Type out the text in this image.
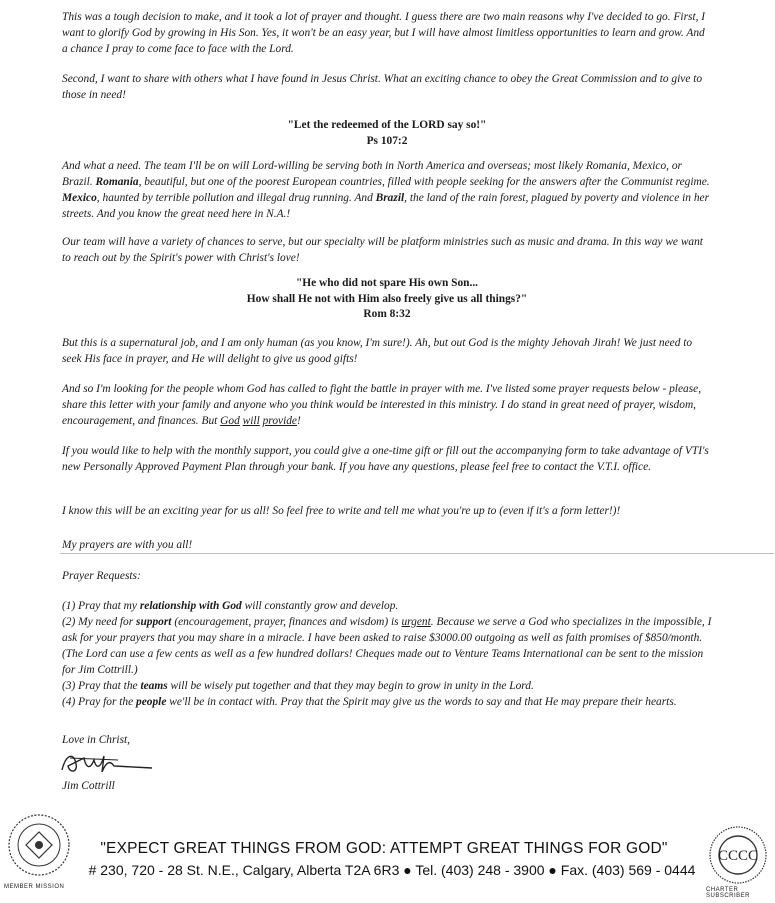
This was a tough decision to make, and it took a lot of prayer and thought. I guess there are two main reasons why I've decided to go. First, I want to glorify God by growing in His Son. Yes, it won't be an easy year, but I will have almost limitless opportunities to learn and grow. And a chance I pray to come face to face with the Lord.

Second, I want to share with others what I have found in Jesus Christ. What an exciting chance to obey the Great Commission and to give to those in need!

"Let the redeemed of the LORD say so!"
Ps 107:2

And what a need. The team I'll be on will Lord-willing be serving both in North America and overseas; most likely Romania, Mexico, or Brazil. Romania, beautiful, but one of the poorest European countries, filled with people seeking for the answers after the Communist regime. Mexico, haunted by terrible pollution and illegal drug running. And Brazil, the land of the rain forest, plagued by poverty and violence in her streets. And you know the great need here in N.A.!

Our team will have a variety of chances to serve, but our specialty will be platform ministries such as music and drama. In this way we want to reach out by the Spirit's power with Christ's love!

"He who did not spare His own Son...
How shall He not with Him also freely give us all things?"
Rom 8:32

But this is a supernatural job, and I am only human (as you know, I'm sure!). Ah, but out God is the mighty Jehovah Jirah! We just need to seek His face in prayer, and He will delight to give us good gifts!

And so I'm looking for the people whom God has called to fight the battle in prayer with me. I've listed some prayer requests below - please, share this letter with your family and anyone who you think would be interested in this ministry. I do stand in great need of prayer, wisdom, encouragement, and finances. But God will provide!

If you would like to help with the monthly support, you could give a one-time gift or fill out the accompanying form to take advantage of VTI's new Personally Approved Payment Plan through your bank. If you have any questions, please feel free to contact the V.T.I. office.

I know this will be an exciting year for us all! So feel free to write and tell me what you're up to (even if it's a form letter!)!

My prayers are with you all!

Prayer Requests:

(1) Pray that my relationship with God will constantly grow and develop.
(2) My need for support (encouragement, prayer, finances and wisdom) is urgent. Because we serve a God who specializes in the impossible, I ask for your prayers that you may share in a miracle. I have been asked to raise $3000.00 outgoing as well as faith promises of $850/month. (The Lord can use a few cents as well as a few hundred dollars! Cheques made out to Venture Teams International can be sent to the mission for Jim Cottrill.)
(3) Pray that the teams will be wisely put together and that they may begin to grow in unity in the Lord.
(4) Pray for the people we'll be in contact with. Pray that the Spirit may give us the words to say and that He may prepare their hearts.
Love in Christ,
Jim Cottrill
MEMBER MISSION
"EXPECT GREAT THINGS FROM GOD: ATTEMPT GREAT THINGS FOR GOD"
# 230, 720 - 28 St. N.E., Calgary, Alberta T2A 6R3 ● Tel. (403) 248 - 3900 ● Fax. (403) 569 - 0444
CCCC
CHARTER SUBSCRIBER
